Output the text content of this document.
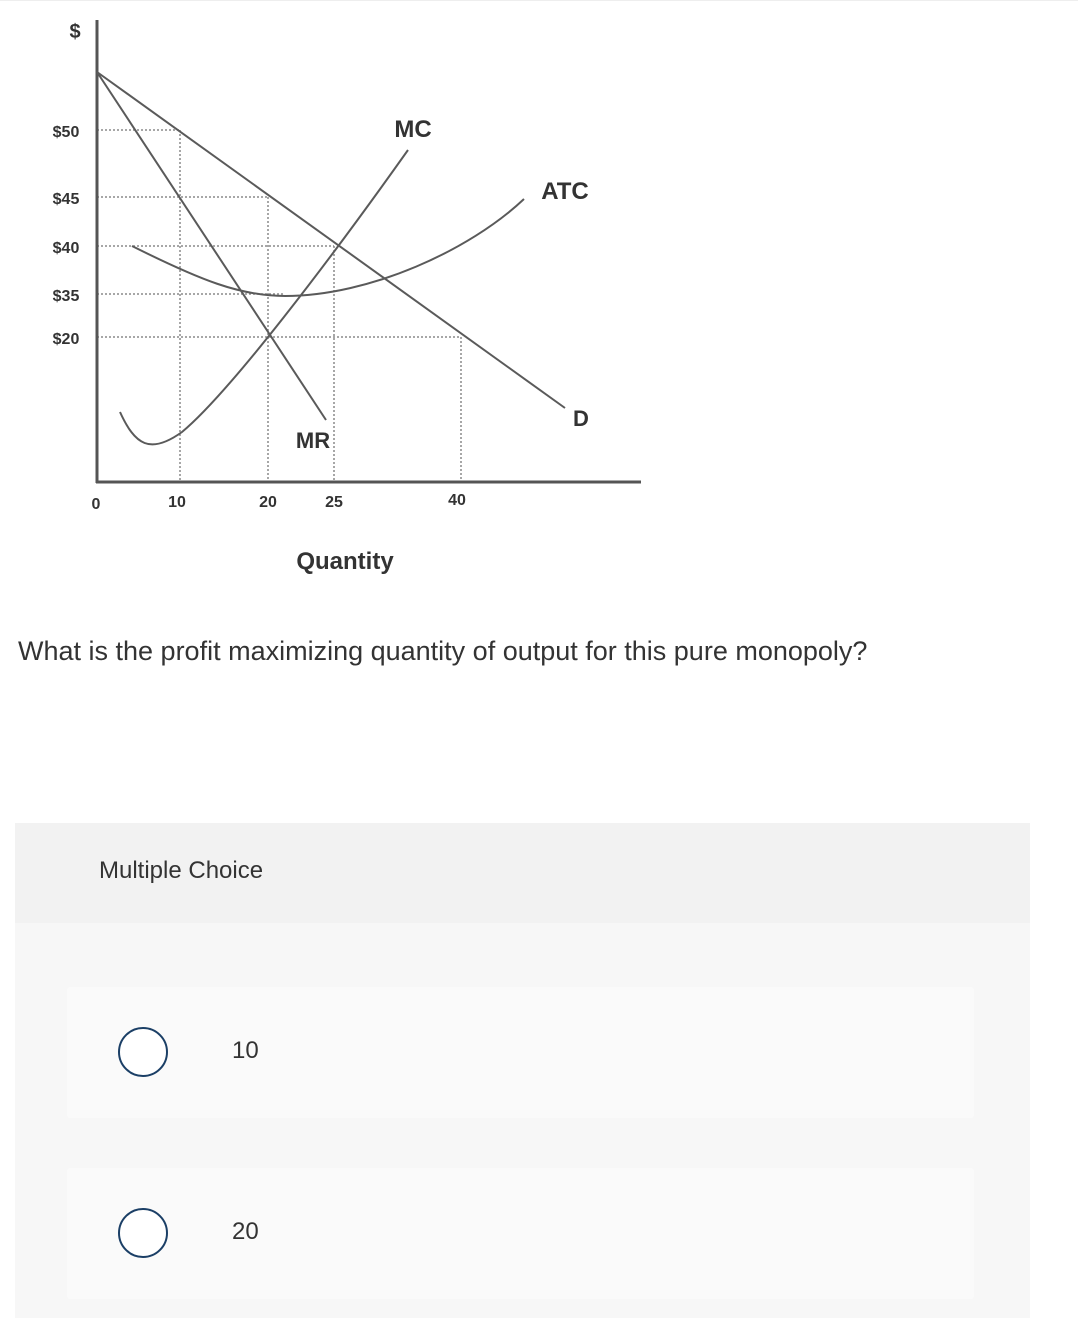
$
$50
$45
$40
$35
$20
0	10	20	25	40
Quantity
MC
ATC
D
MR
What is the profit maximizing quantity of output for this pure monopoly?
Multiple Choice
10
20
